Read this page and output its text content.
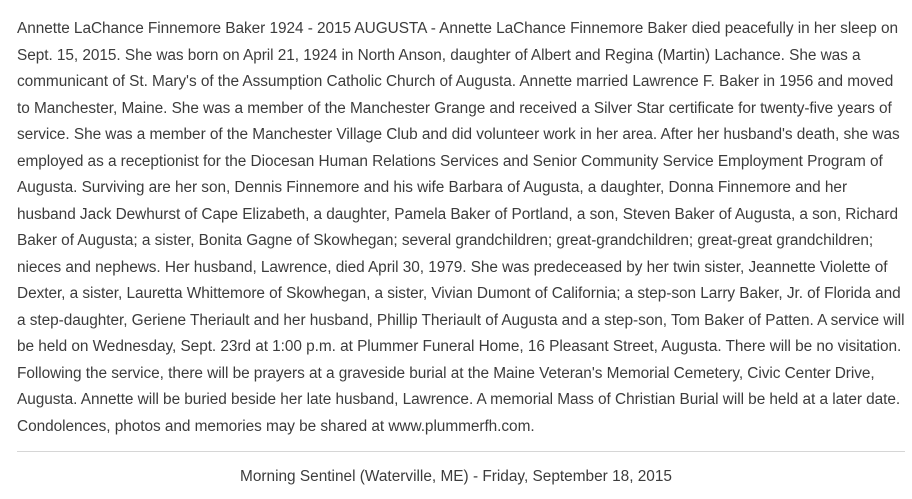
Annette LaChance Finnemore Baker 1924 - 2015 AUGUSTA - Annette LaChance Finnemore Baker died peacefully in her sleep on Sept. 15, 2015. She was born on April 21, 1924 in North Anson, daughter of Albert and Regina (Martin) Lachance. She was a communicant of St. Mary's of the Assumption Catholic Church of Augusta. Annette married Lawrence F. Baker in 1956 and moved to Manchester, Maine. She was a member of the Manchester Grange and received a Silver Star certificate for twenty-five years of service. She was a member of the Manchester Village Club and did volunteer work in her area. After her husband's death, she was employed as a receptionist for the Diocesan Human Relations Services and Senior Community Service Employment Program of Augusta. Surviving are her son, Dennis Finnemore and his wife Barbara of Augusta, a daughter, Donna Finnemore and her husband Jack Dewhurst of Cape Elizabeth, a daughter, Pamela Baker of Portland, a son, Steven Baker of Augusta, a son, Richard Baker of Augusta; a sister, Bonita Gagne of Skowhegan; several grandchildren; great-grandchildren; great-great grandchildren; nieces and nephews. Her husband, Lawrence, died April 30, 1979. She was predeceased by her twin sister, Jeannette Violette of Dexter, a sister, Lauretta Whittemore of Skowhegan, a sister, Vivian Dumont of California; a step-son Larry Baker, Jr. of Florida and a step-daughter, Geriene Theriault and her husband, Phillip Theriault of Augusta and a step-son, Tom Baker of Patten. A service will be held on Wednesday, Sept. 23rd at 1:00 p.m. at Plummer Funeral Home, 16 Pleasant Street, Augusta. There will be no visitation. Following the service, there will be prayers at a graveside burial at the Maine Veteran's Memorial Cemetery, Civic Center Drive, Augusta. Annette will be buried beside her late husband, Lawrence. A memorial Mass of Christian Burial will be held at a later date. Condolences, photos and memories may be shared at www.plummerfh.com.

Morning Sentinel (Waterville, ME) - Friday, September 18, 2015
